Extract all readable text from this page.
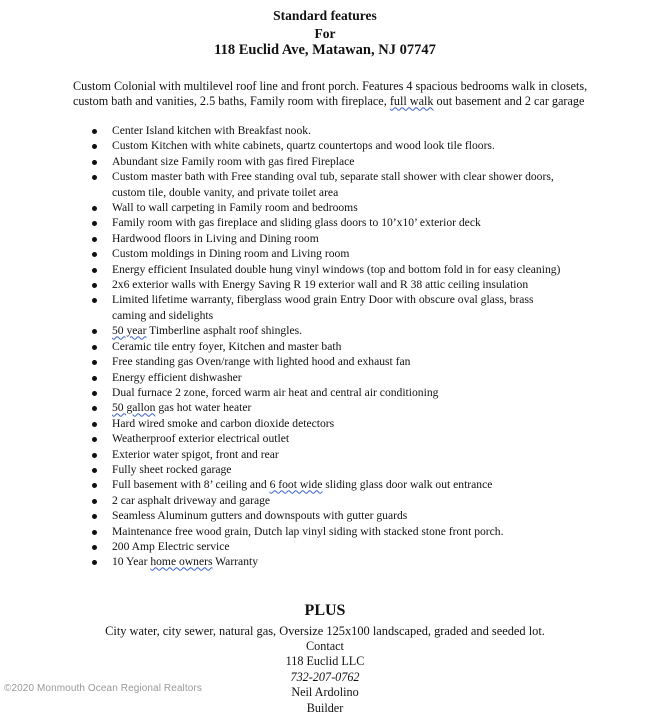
Standard features
For
118 Euclid Ave, Matawan, NJ 07747
Custom Colonial with multilevel roof line and front porch. Features 4 spacious bedrooms walk in closets, custom bath and vanities, 2.5 baths, Family room with fireplace, full walk out basement and 2 car garage
Center Island kitchen with Breakfast nook.
Custom Kitchen with white cabinets, quartz countertops and wood look tile floors.
Abundant size Family room with gas fired Fireplace
Custom master bath with Free standing oval tub, separate stall shower with clear shower doors, custom tile, double vanity, and private toilet area
Wall to wall carpeting in Family room and bedrooms
Family room with gas fireplace and sliding glass doors to 10’x10’ exterior deck
Hardwood floors in Living and Dining room
Custom moldings in Dining room and Living room
Energy efficient Insulated double hung vinyl windows (top and bottom fold in for easy cleaning)
2x6 exterior walls with Energy Saving R 19 exterior wall and R 38 attic ceiling insulation
Limited lifetime warranty, fiberglass wood grain Entry Door with obscure oval glass, brass caming and sidelights
50 year Timberline asphalt roof shingles.
Ceramic tile entry foyer, Kitchen and master bath
Free standing gas Oven/range with lighted hood and exhaust fan
Energy efficient dishwasher
Dual furnace 2 zone, forced warm air heat and central air conditioning
50 gallon gas hot water heater
Hard wired smoke and carbon dioxide detectors
Weatherproof exterior electrical outlet
Exterior water spigot, front and rear
Fully sheet rocked garage
Full basement with 8’ ceiling and 6 foot wide sliding glass door walk out entrance
2 car asphalt driveway and garage
Seamless Aluminum gutters and downspouts with gutter guards
Maintenance free wood grain, Dutch lap vinyl siding with stacked stone front porch.
200 Amp Electric service
10 Year home owners Warranty
PLUS
City water, city sewer, natural gas, Oversize 125x100 landscaped, graded and seeded lot.
Contact
118 Euclid LLC
732-207-0762
Neil Ardolino
Builder
©2020 Monmouth Ocean Regional Realtors
